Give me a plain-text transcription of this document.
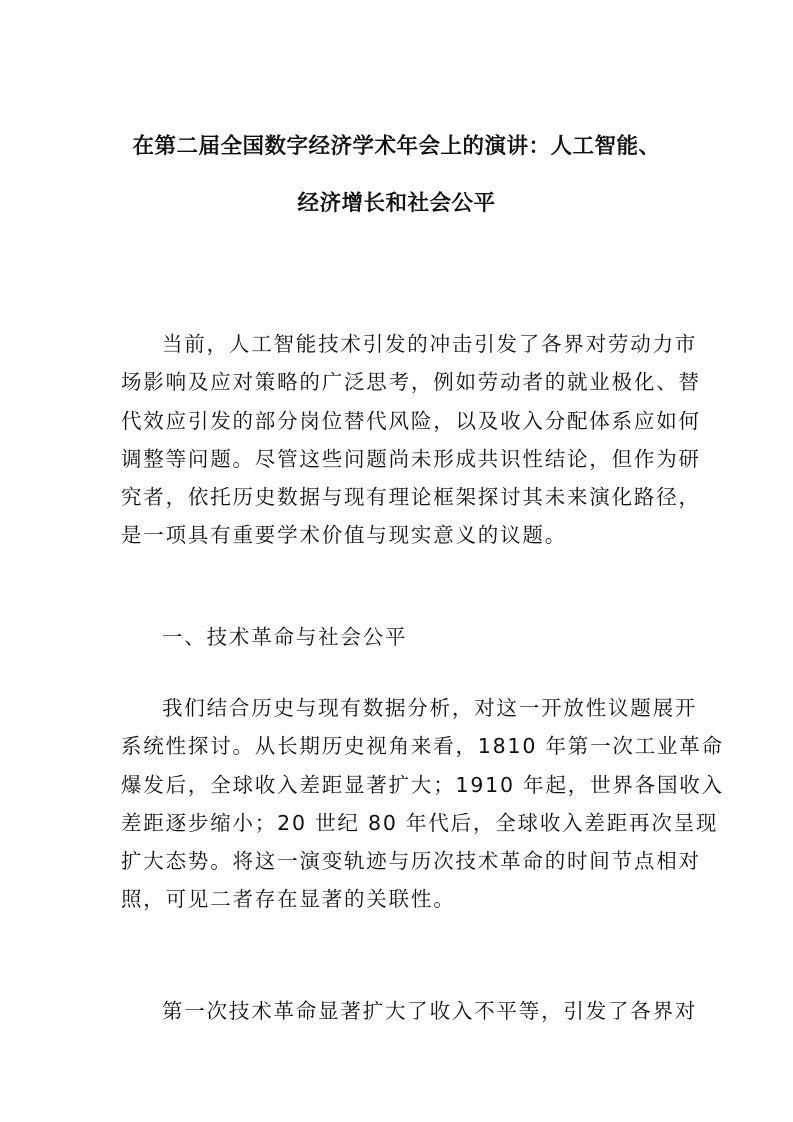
在第二届全国数字经济学术年会上的演讲：人工智能、
经济增长和社会公平

当前，人工智能技术引发的冲击引发了各界对劳动力市
场影响及应对策略的广泛思考，例如劳动者的就业极化、替
代效应引发的部分岗位替代风险，以及收入分配体系应如何
调整等问题。尽管这些问题尚未形成共识性结论，但作为研
究者，依托历史数据与现有理论框架探讨其未来演化路径，
是一项具有重要学术价值与现实意义的议题。

一、技术革命与社会公平

我们结合历史与现有数据分析，对这一开放性议题展开
系统性探讨。从长期历史视角来看，1810 年第一次工业革命
爆发后，全球收入差距显著扩大；1910 年起，世界各国收入
差距逐步缩小；20 世纪 80 年代后，全球收入差距再次呈现
扩大态势。将这一演变轨迹与历次技术革命的时间节点相对
照，可见二者存在显著的关联性。

第一次技术革命显著扩大了收入不平等，引发了各界对
